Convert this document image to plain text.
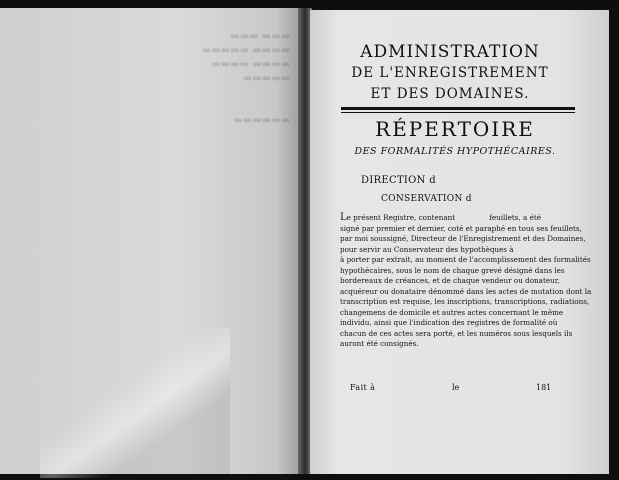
▬▬▬ ▬▬▬
▬▬▬▬▬ ▬▬▬▬
▬▬▬▬ ▬▬▬▬
▬▬▬▬▬

▬▬▬▬▬▬
ADMINISTRATION
DE L'ENREGISTREMENT
ET DES DOMAINES.
RÉPERTOIRE
DES FORMALITÉS HYPOTHÉCAIRES.
DIRECTION d
CONSERVATION d
Le présent Registre, contenant	feuillets, a été
signé par premier et dernier, coté et paraphé en tous ses feuillets,
par moi soussigné, Directeur de l'Enregistrement et des Domaines,
pour servir au Conservateur des hypothèques à
à porter par extrait, au moment de l'accomplissement des formalités
hypothécaires, sous le nom de chaque grevé désigné dans les
bordereaux de créances, et de chaque vendeur ou donateur,
acquéreur ou donataire dénommé dans les actes de mutation dont la
transcription est requise, les inscriptions, transcriptions, radiations,
changemens de domicile et autres actes concernant le même
individu, ainsi que l'indication des registres de formalité où
chacun de ces actes sera porté, et les numéros sous lesquels ils
auront été consignés.
Fait à	le	181
